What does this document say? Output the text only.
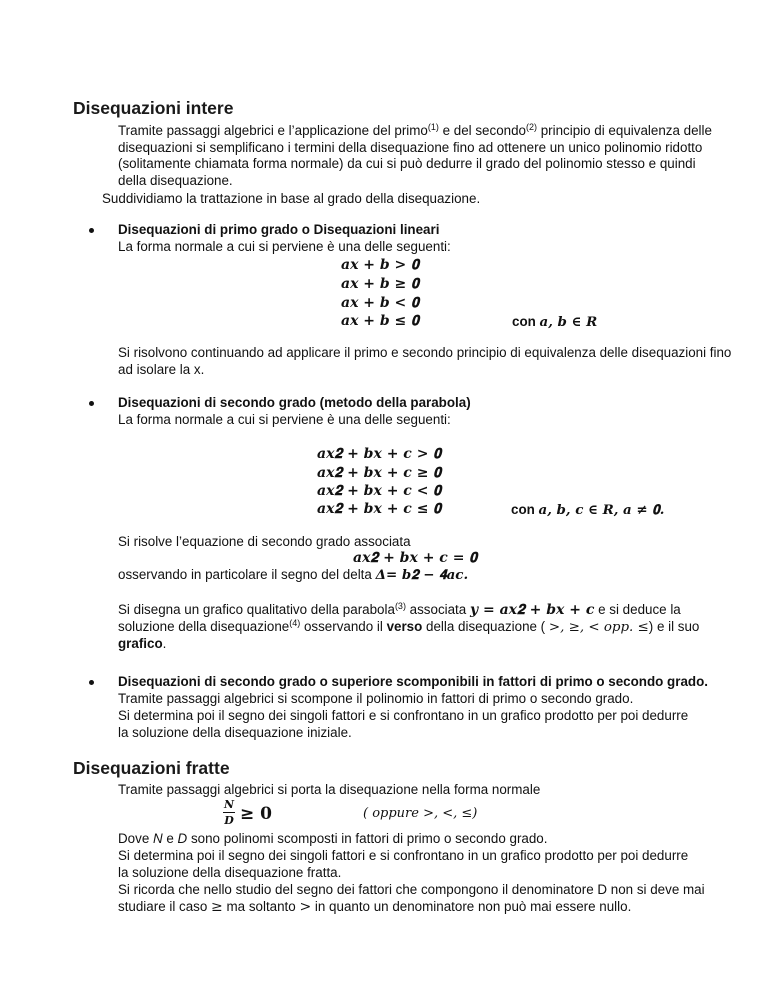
Disequazioni intere
Tramite passaggi algebrici e l’applicazione del primo$^{(1)}$ e del secondo$^{(2)}$ principio di equivalenza delle disequazioni si semplificano i termini della disequazione fino ad ottenere un unico polinomio ridotto (solitamente chiamata forma normale) da cui si può dedurre il grado del polinomio stesso e quindi della disequazione.
Suddividiamo la trattazione in base al grado della disequazione.
Disequazioni di primo grado o Disequazioni lineari
La forma normale a cui si perviene è una delle seguenti:
𝒂𝒙 + 𝒃 > 𝟎
𝒂𝒙 + 𝒃 ≥ 𝟎
𝒂𝒙 + 𝒃 < 𝟎
𝒂𝒙 + 𝒃 ≤ 𝟎	con 𝒂, 𝒃 ∈ 𝑹
Si risolvono continuando ad applicare il primo e secondo principio di equivalenza delle disequazioni fino ad isolare la x.
Disequazioni di secondo grado (metodo della parabola)
La forma normale a cui si perviene è una delle seguenti:
𝒂𝒙𝟐 + 𝒃𝒙 + 𝒄 > 𝟎
𝒂𝒙𝟐 + 𝒃𝒙 + 𝒄 ≥ 𝟎
𝒂𝒙𝟐 + 𝒃𝒙 + 𝒄 < 𝟎
𝒂𝒙𝟐 + 𝒃𝒙 + 𝒄 ≤ 𝟎	con 𝒂, 𝒃, 𝒄 ∈ 𝑹, 𝒂 ≠ 𝟎.
Si risolve l’equazione di secondo grado associata
𝒂𝒙𝟐 + 𝒃𝒙 + 𝒄 = 𝟎
osservando in particolare il segno del delta Δ= 𝒃𝟐 − 𝟒𝒂𝒄.
Si disegna un grafico qualitativo della parabola$^{(3)}$ associata 𝒚 = 𝒂𝒙𝟐 + 𝒃𝒙 + 𝒄 e si deduce la
soluzione della disequazione$^{(4)}$ osservando il verso della disequazione ( >, ≥, < 𝑜𝑝𝑝. ≤) e il suo
grafico.
Disequazioni di secondo grado o superiore scomponibili in fattori di primo o secondo grado.
Tramite passaggi algebrici si scompone il polinomio in fattori di primo o secondo grado.
Si determina poi il segno dei singoli fattori e si confrontano in un grafico prodotto per poi dedurre
la soluzione della disequazione iniziale.
Disequazioni fratte
Tramite passaggi algebrici si porta la disequazione nella forma normale
𝑵
𝑫 ≥ 𝟎	( 𝑜𝑝𝑝𝑢𝑟𝑒 >, <, ≤)
Dove N e D sono polinomi scomposti in fattori di primo o secondo grado.
Si determina poi il segno dei singoli fattori e si confrontano in un grafico prodotto per poi dedurre
la soluzione della disequazione fratta.
Si ricorda che nello studio del segno dei fattori che compongono il denominatore D non si deve mai
studiare il caso ≥ ma soltanto > in quanto un denominatore non può mai essere nullo.
